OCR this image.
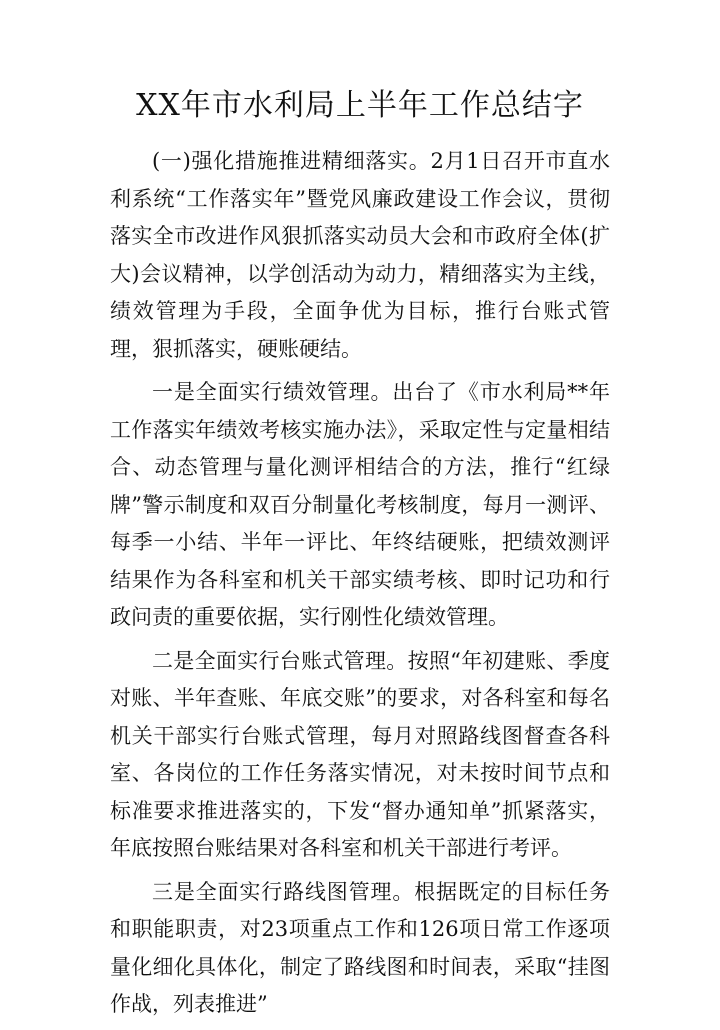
XX年市水利局上半年工作总结字

(一)强化措施推进精细落实。2月1日召开市直水利系统“工作落实年”暨党风廉政建设工作会议，贯彻落实全市改进作风狠抓落实动员大会和市政府全体(扩大)会议精神，以学创活动为动力，精细落实为主线，绩效管理为手段，全面争优为目标，推行台账式管理，狠抓落实，硬账硬结。

一是全面实行绩效管理。出台了《市水利局**年工作落实年绩效考核实施办法》，采取定性与定量相结合、动态管理与量化测评相结合的方法，推行“红绿牌”警示制度和双百分制量化考核制度，每月一测评、每季一小结、半年一评比、年终结硬账，把绩效测评结果作为各科室和机关干部实绩考核、即时记功和行政问责的重要依据，实行刚性化绩效管理。

二是全面实行台账式管理。按照“年初建账、季度对账、半年查账、年底交账”的要求，对各科室和每名机关干部实行台账式管理，每月对照路线图督查各科室、各岗位的工作任务落实情况，对未按时间节点和标准要求推进落实的，下发“督办通知单”抓紧落实，年底按照台账结果对各科室和机关干部进行考评。

三是全面实行路线图管理。根据既定的目标任务和职能职责，对23项重点工作和126项日常工作逐项量化细化具体化，制定了路线图和时间表，采取“挂图作战，列表推进”
